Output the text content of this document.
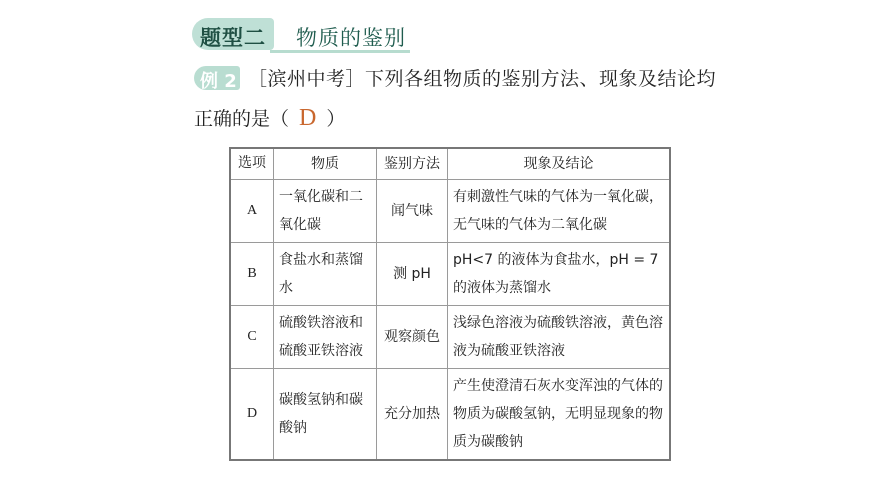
题型二 物质的鉴别
例 2 ［滨州中考］下列各组物质的鉴别方法、现象及结论均
正确的是（ D ）
选项	物质	鉴别方法	现象及结论
A	一氧化碳和二氧化碳	闻气味	有刺激性气味的气体为一氧化碳，无气味的气体为二氧化碳
B	食盐水和蒸馏水	测 pH	pH<7 的液体为食盐水，pH = 7 的液体为蒸馏水
C	硫酸铁溶液和硫酸亚铁溶液	观察颜色	浅绿色溶液为硫酸铁溶液，黄色溶液为硫酸亚铁溶液
D	碳酸氢钠和碳酸钠	充分加热	产生使澄清石灰水变浑浊的气体的物质为碳酸氢钠，无明显现象的物质为碳酸钠
